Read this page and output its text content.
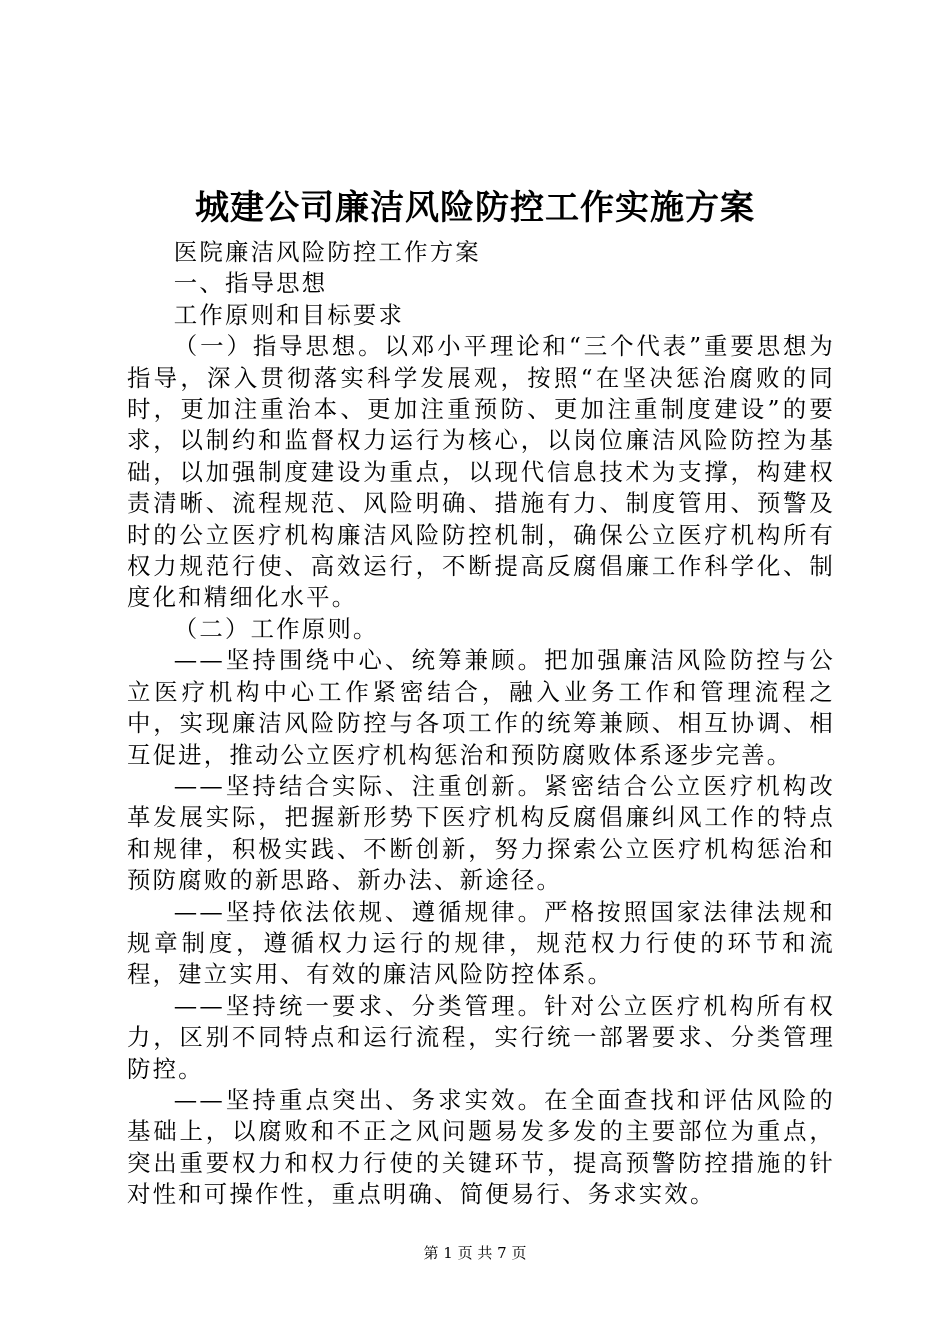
城建公司廉洁风险防控工作实施方案

医院廉洁风险防控工作方案

一、指导思想

工作原则和目标要求

（一）指导思想。以邓小平理论和“三个代表”重要思想为指导，深入贯彻落实科学发展观，按照“在坚决惩治腐败的同时，更加注重治本、更加注重预防、更加注重制度建设”的要求，以制约和监督权力运行为核心，以岗位廉洁风险防控为基础，以加强制度建设为重点，以现代信息技术为支撑，构建权责清晰、流程规范、风险明确、措施有力、制度管用、预警及时的公立医疗机构廉洁风险防控机制，确保公立医疗机构所有权力规范行使、高效运行，不断提高反腐倡廉工作科学化、制度化和精细化水平。

（二）工作原则。

——坚持围绕中心、统筹兼顾。把加强廉洁风险防控与公立医疗机构中心工作紧密结合，融入业务工作和管理流程之中，实现廉洁风险防控与各项工作的统筹兼顾、相互协调、相互促进，推动公立医疗机构惩治和预防腐败体系逐步完善。

——坚持结合实际、注重创新。紧密结合公立医疗机构改革发展实际，把握新形势下医疗机构反腐倡廉纠风工作的特点和规律，积极实践、不断创新，努力探索公立医疗机构惩治和预防腐败的新思路、新办法、新途径。

——坚持依法依规、遵循规律。严格按照国家法律法规和规章制度，遵循权力运行的规律，规范权力行使的环节和流程，建立实用、有效的廉洁风险防控体系。

——坚持统一要求、分类管理。针对公立医疗机构所有权力，区别不同特点和运行流程，实行统一部署要求、分类管理防控。

——坚持重点突出、务求实效。在全面查找和评估风险的基础上，以腐败和不正之风问题易发多发的主要部位为重点，突出重要权力和权力行使的关键环节，提高预警防控措施的针对性和可操作性，重点明确、简便易行、务求实效。

第 1 页 共 7 页
